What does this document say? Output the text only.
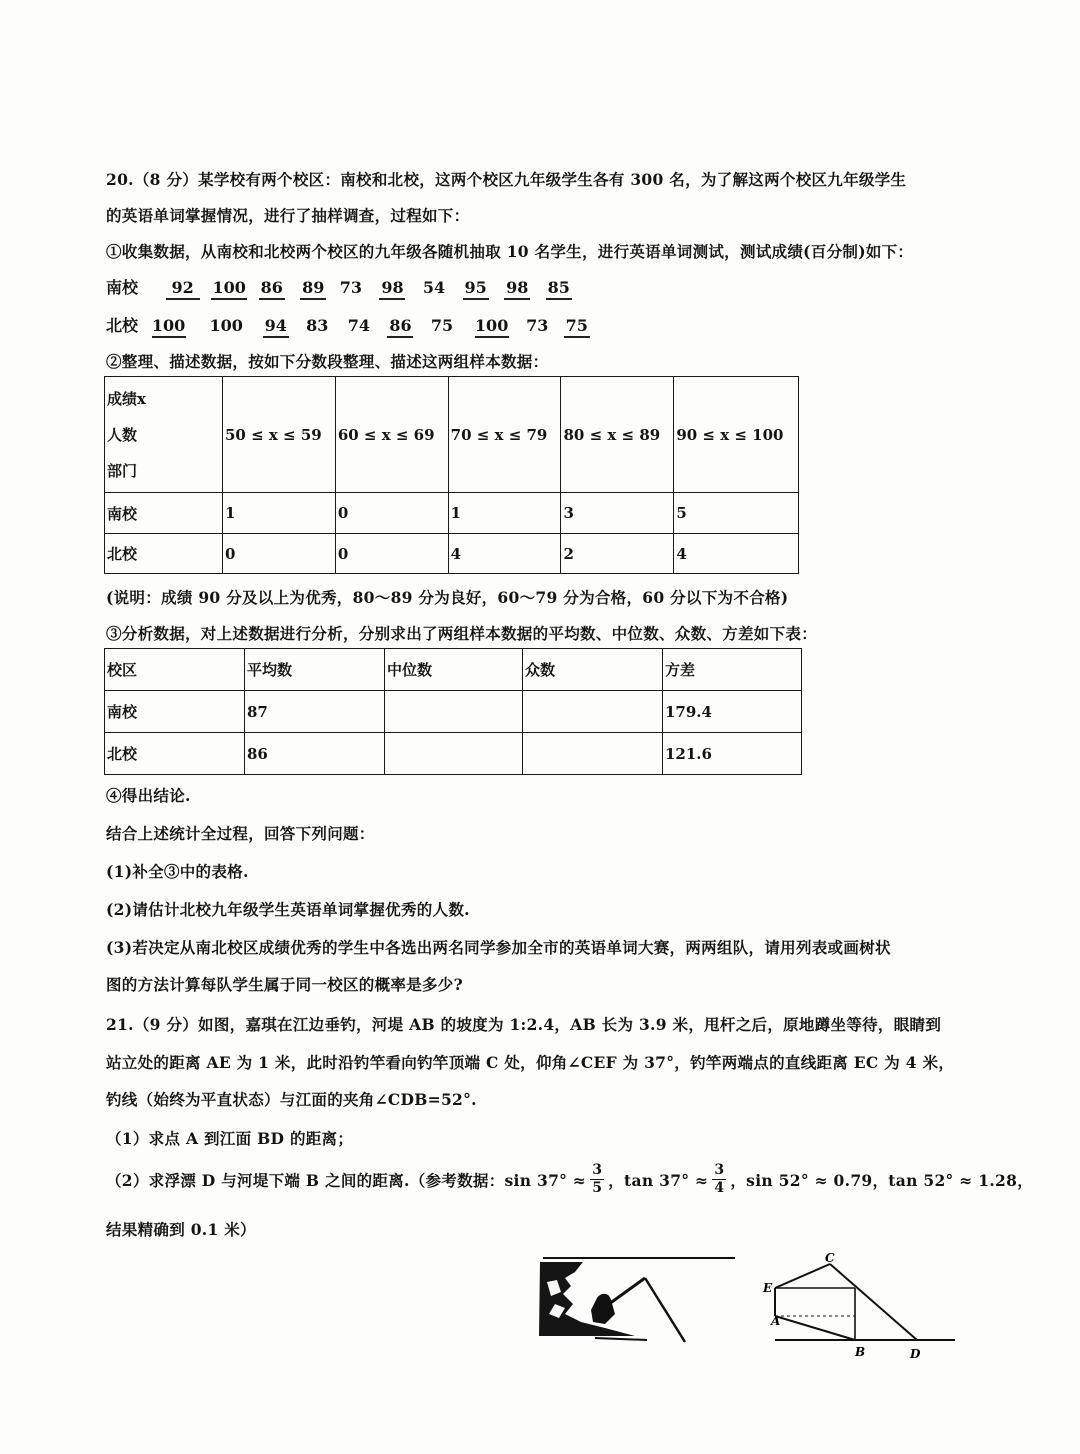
20.（8 分）某学校有两个校区：南校和北校，这两个校区九年级学生各有 300 名，为了解这两个校区九年级学生
的英语单词掌握情况，进行了抽样调查，过程如下：
①收集数据，从南校和北校两个校区的九年级各随机抽取 10 名学生，进行英语单词测试，测试成绩(百分制)如下：
南校 92 100 86 89 73 98 54 95 98 85
北校 100 100 94 83 74 86 75 100 73 75
②整理、描述数据，按如下分数段整理、描述这两组样本数据：
成绩x
人数
部门	50 ≤ x ≤ 59	60 ≤ x ≤ 69	70 ≤ x ≤ 79	80 ≤ x ≤ 89	90 ≤ x ≤ 100
南校	1	0	1	3	5
北校	0	0	4	2	4
(说明：成绩 90 分及以上为优秀，80～89 分为良好，60～79 分为合格，60 分以下为不合格)
③分析数据，对上述数据进行分析，分别求出了两组样本数据的平均数、中位数、众数、方差如下表：
校区	平均数	中位数	众数	方差
南校	87			179.4
北校	86			121.6
④得出结论.
结合上述统计全过程，回答下列问题：
(1)补全③中的表格.
(2)请估计北校九年级学生英语单词掌握优秀的人数.
(3)若决定从南北校区成绩优秀的学生中各选出两名同学参加全市的英语单词大赛，两两组队，请用列表或画树状
图的方法计算每队学生属于同一校区的概率是多少?
21.（9 分）如图，嘉琪在江边垂钓，河堤 AB 的坡度为 1:2.4，AB 长为 3.9 米，甩杆之后，原地蹲坐等待，眼睛到
站立处的距离 AE 为 1 米，此时沿钓竿看向钓竿顶端 C 处，仰角∠CEF 为 37°，钓竿两端点的直线距离 EC 为 4 米，
钓线（始终为平直状态）与江面的夹角∠CDB=52°.
（1）求点 A 到江面 BD 的距离；
（2）求浮漂 D 与河堤下端 B 之间的距离.（参考数据：$\sin 37^\circ \approx \frac{3}{5}$ ，$\tan 37^\circ \approx \frac{3}{4}$ ，sin 52° ≈ 0.79，tan 52° ≈ 1.28，
结果精确到 0.1 米）
C
E
A
B	D
